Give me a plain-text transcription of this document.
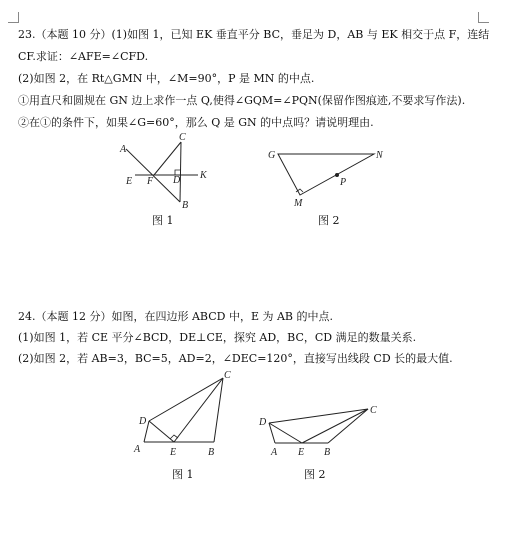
23.（本题 10 分）(1)如图 1，已知 EK 垂直平分 BC，垂足为 D，AB 与 EK 相交于点 F，连结
CF.求证：∠AFE=∠CFD.
(2)如图 2，在 Rt△GMN 中，∠M=90°，P 是 MN 的中点.
①用直尺和圆规在 GN 边上求作一点 Q,使得∠GQM=∠PQN(保留作图痕迹,不要求写作法).
②在①的条件下，如果∠G=60°，那么 Q 是 GN 的中点吗？请说明理由.
A
C
E F D K
B
图 1
G	N
P
M
图 2
24.（本题 12 分）如图，在四边形 ABCD 中，E 为 AB 的中点.
(1)如图 1，若 CE 平分∠BCD，DE⊥CE，探究 AD，BC，CD 满足的数量关系.
(2)如图 2，若 AB=3，BC=5，AD=2，∠DEC=120°，直接写出线段 CD 长的最大值.
C
D
A	E	B
图 1
D
C
A E B
图 2
